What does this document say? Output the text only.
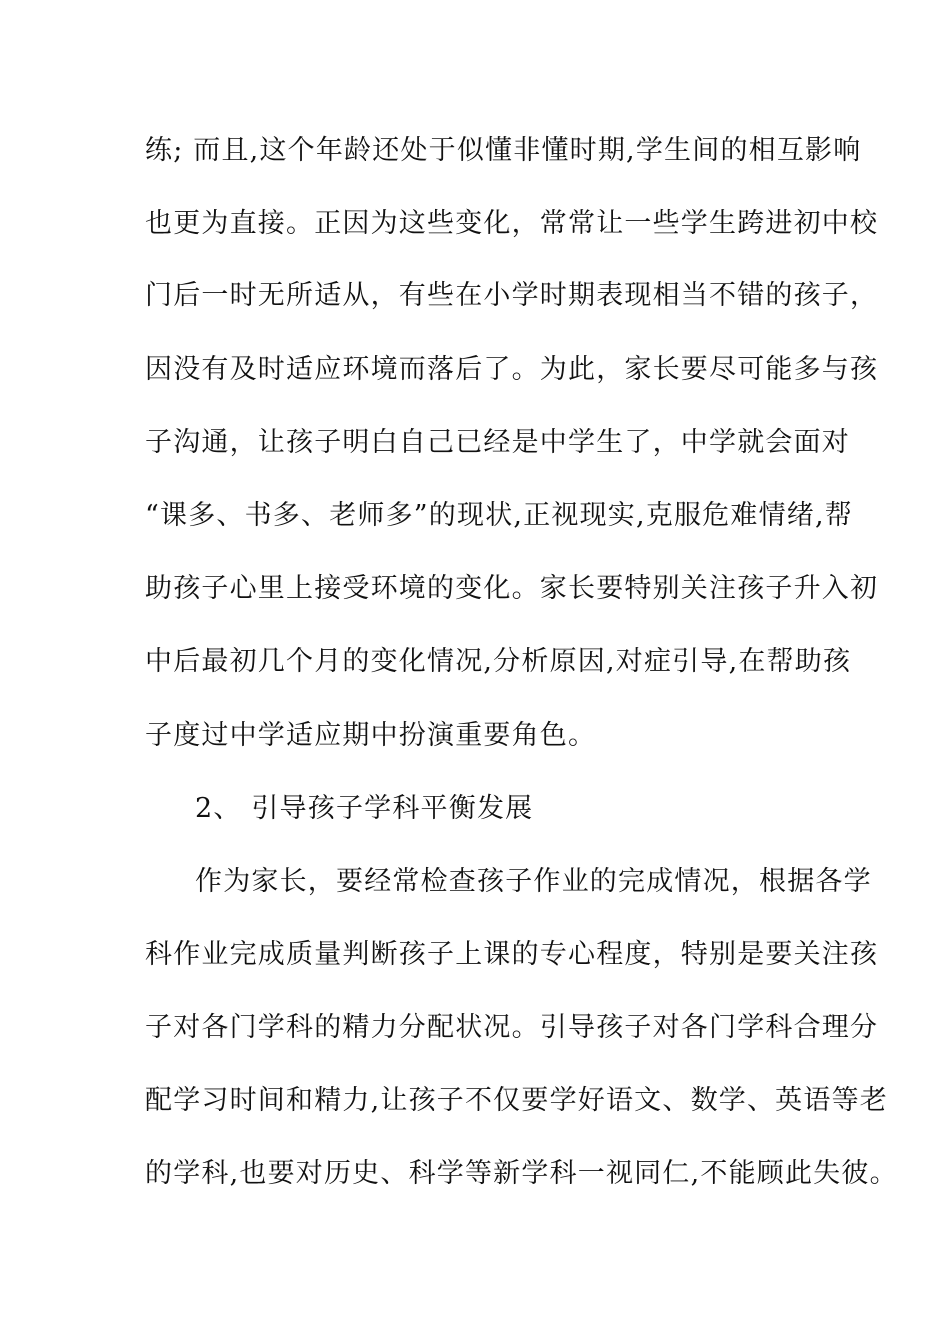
练; 而且,这个年龄还处于似懂非懂时期,学生间的相互影响
也更为直接。正因为这些变化，常常让一些学生跨进初中校
门后一时无所适从，有些在小学时期表现相当不错的孩子，
因没有及时适应环境而落后了。为此，家长要尽可能多与孩
子沟通，让孩子明白自己已经是中学生了，中学就会面对
“课多、书多、老师多”的现状,正视现实,克服危难情绪,帮
助孩子心里上接受环境的变化。家长要特别关注孩子升入初
中后最初几个月的变化情况,分析原因,对症引导,在帮助孩
子度过中学适应期中扮演重要角色。
2、 引导孩子学科平衡发展
作为家长，要经常检查孩子作业的完成情况，根据各学
科作业完成质量判断孩子上课的专心程度，特别是要关注孩
子对各门学科的精力分配状况。引导孩子对各门学科合理分
配学习时间和精力,让孩子不仅要学好语文、数学、英语等老
的学科,也要对历史、科学等新学科一视同仁,不能顾此失彼。
